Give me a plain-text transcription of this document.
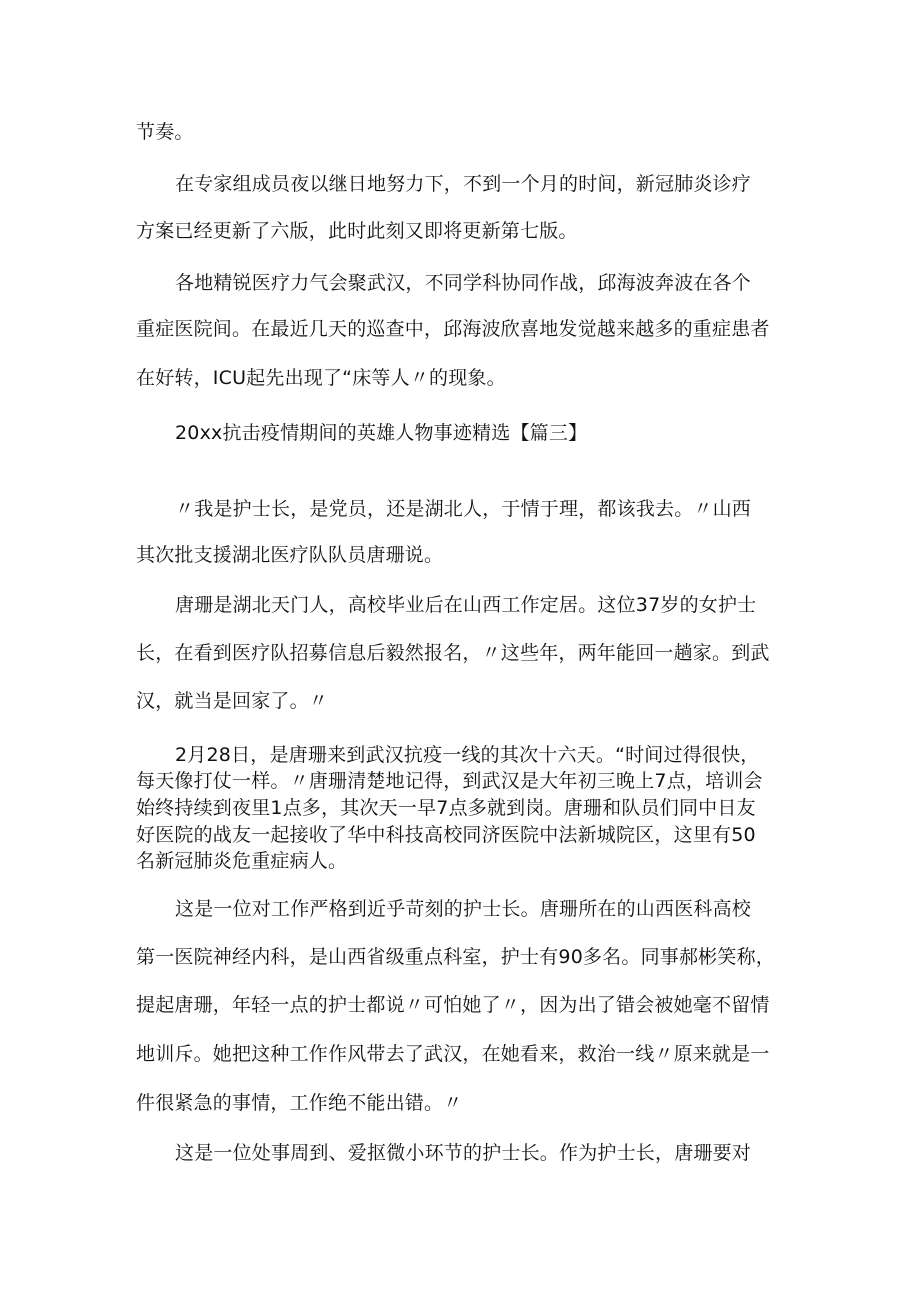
节奏。
在专家组成员夜以继日地努力下，不到一个月的时间，新冠肺炎诊疗
方案已经更新了六版，此时此刻又即将更新第七版。
各地精锐医疗力气会聚武汉，不同学科协同作战，邱海波奔波在各个
重症医院间。在最近几天的巡查中，邱海波欣喜地发觉越来越多的重症患者
在好转，ICU起先出现了“床等人〃的现象。
20xx抗击疫情期间的英雄人物事迹精选【篇三】
〃我是护士长，是党员，还是湖北人，于情于理，都该我去。〃山西
其次批支援湖北医疗队队员唐珊说。
唐珊是湖北天门人，高校毕业后在山西工作定居。这位37岁的女护士
长，在看到医疗队招募信息后毅然报名，〃这些年，两年能回一趟家。到武
汉，就当是回家了。〃
2月28日，是唐珊来到武汉抗疫一线的其次十六天。“时间过得很快，
每天像打仗一样。〃唐珊清楚地记得，到武汉是大年初三晚上7点，培训会
始终持续到夜里1点多，其次天一早7点多就到岗。唐珊和队员们同中日友
好医院的战友一起接收了华中科技高校同济医院中法新城院区，这里有50
名新冠肺炎危重症病人。
这是一位对工作严格到近乎苛刻的护士长。唐珊所在的山西医科高校
第一医院神经内科，是山西省级重点科室，护士有90多名。同事郝彬笑称，
提起唐珊，年轻一点的护士都说〃可怕她了〃，因为出了错会被她毫不留情
地训斥。她把这种工作作风带去了武汉，在她看来，救治一线〃原来就是一
件很紧急的事情，工作绝不能出错。〃
这是一位处事周到、爱抠微小环节的护士长。作为护士长，唐珊要对
